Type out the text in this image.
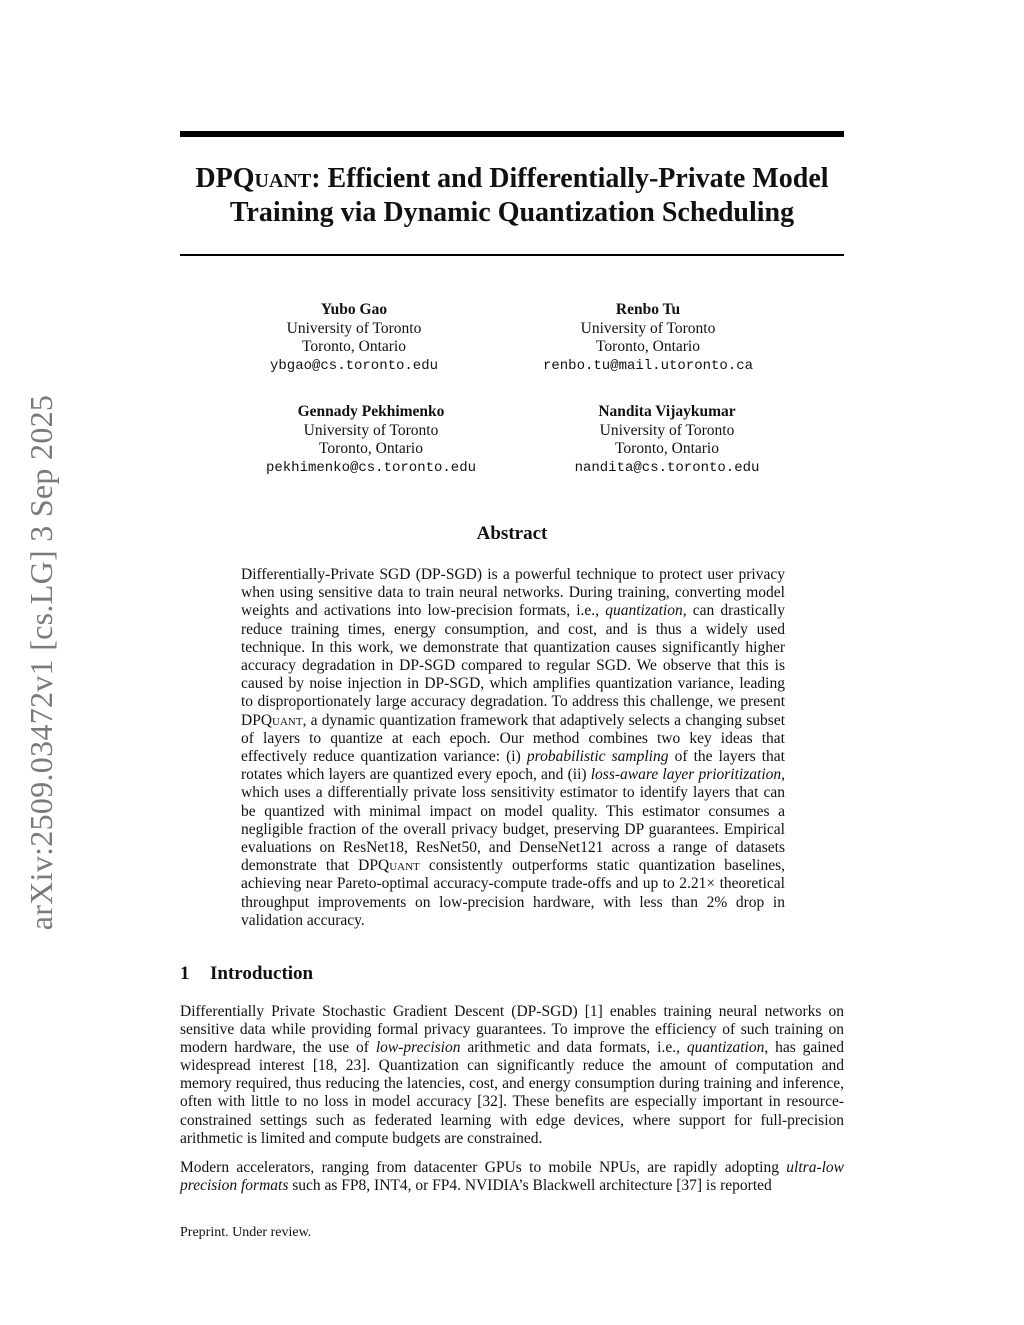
arXiv:2509.03472v1 [cs.LG] 3 Sep 2025
DPQuant: Efficient and Differentially-Private Model
Training via Dynamic Quantization Scheduling
Yubo Gao
University of Toronto
Toronto, Ontario
ybgao@cs.toronto.edu
Renbo Tu
University of Toronto
Toronto, Ontario
renbo.tu@mail.utoronto.ca
Gennady Pekhimenko
University of Toronto
Toronto, Ontario
pekhimenko@cs.toronto.edu
Nandita Vijaykumar
University of Toronto
Toronto, Ontario
nandita@cs.toronto.edu
Abstract
Differentially-Private SGD (DP-SGD) is a powerful technique to protect user privacy when using sensitive data to train neural networks. During training, converting model weights and activations into low-precision formats, i.e., quantization, can drastically reduce training times, energy consumption, and cost, and is thus a widely used technique. In this work, we demonstrate that quantization causes significantly higher accuracy degradation in DP-SGD compared to regular SGD. We observe that this is caused by noise injection in DP-SGD, which amplifies quantization variance, leading to disproportionately large accuracy degradation. To address this challenge, we present DPQuant, a dynamic quantization framework that adaptively selects a changing subset of layers to quantize at each epoch. Our method combines two key ideas that effectively reduce quantization variance: (i) probabilistic sampling of the layers that rotates which layers are quantized every epoch, and (ii) loss-aware layer prioritization, which uses a differentially private loss sensitivity estimator to identify layers that can be quantized with minimal impact on model quality. This estimator consumes a negligible fraction of the overall privacy budget, preserving DP guarantees. Empirical evaluations on ResNet18, ResNet50, and DenseNet121 across a range of datasets demonstrate that DPQuant consistently outperforms static quantization baselines, achieving near Pareto-optimal accuracy-compute trade-offs and up to 2.21× theoretical throughput improvements on low-precision hardware, with less than 2% drop in validation accuracy.
1 Introduction
Differentially Private Stochastic Gradient Descent (DP-SGD) [1] enables training neural networks on sensitive data while providing formal privacy guarantees. To improve the efficiency of such training on modern hardware, the use of low-precision arithmetic and data formats, i.e., quantization, has gained widespread interest [18, 23]. Quantization can significantly reduce the amount of computation and memory required, thus reducing the latencies, cost, and energy consumption during training and inference, often with little to no loss in model accuracy [32]. These benefits are especially important in resource-constrained settings such as federated learning with edge devices, where support for full-precision arithmetic is limited and compute budgets are constrained.
Modern accelerators, ranging from datacenter GPUs to mobile NPUs, are rapidly adopting ultra-low precision formats such as FP8, INT4, or FP4. NVIDIA’s Blackwell architecture [37] is reported
Preprint. Under review.
